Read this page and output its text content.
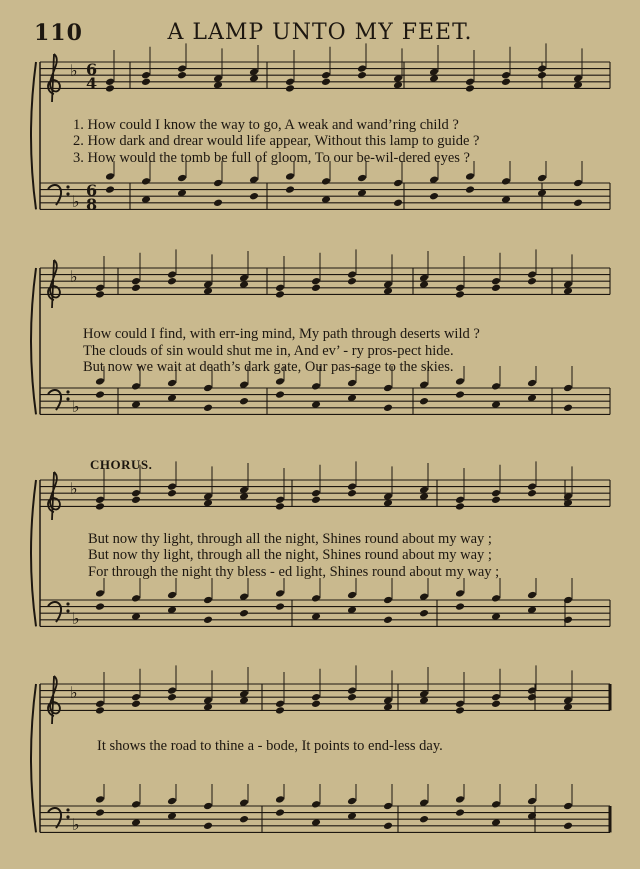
♭
♭
♭
♭
♭
♭
♭
♭
6
4
6
8
110	A LAMP UNTO MY FEET.
1. How could I know the way to go, A weak and wand’ring child ?
2. How dark and drear would life appear, Without this lamp to guide ?
3. How would the tomb be full of gloom, To our be-wil-dered eyes ?
How could I find, with err-ing mind, My path through deserts wild ?
The clouds of sin would shut me in, And ev’ - ry pros-pect hide.
But now we wait at death’s dark gate, Our pas-sage to the skies.
CHORUS.
But now thy light, through all the night, Shines round about my way ;
But now thy light, through all the night, Shines round about my way ;
For through the night thy bless - ed light, Shines round about my way ;
It shows the road to thine a - bode, It points to end-less day.
